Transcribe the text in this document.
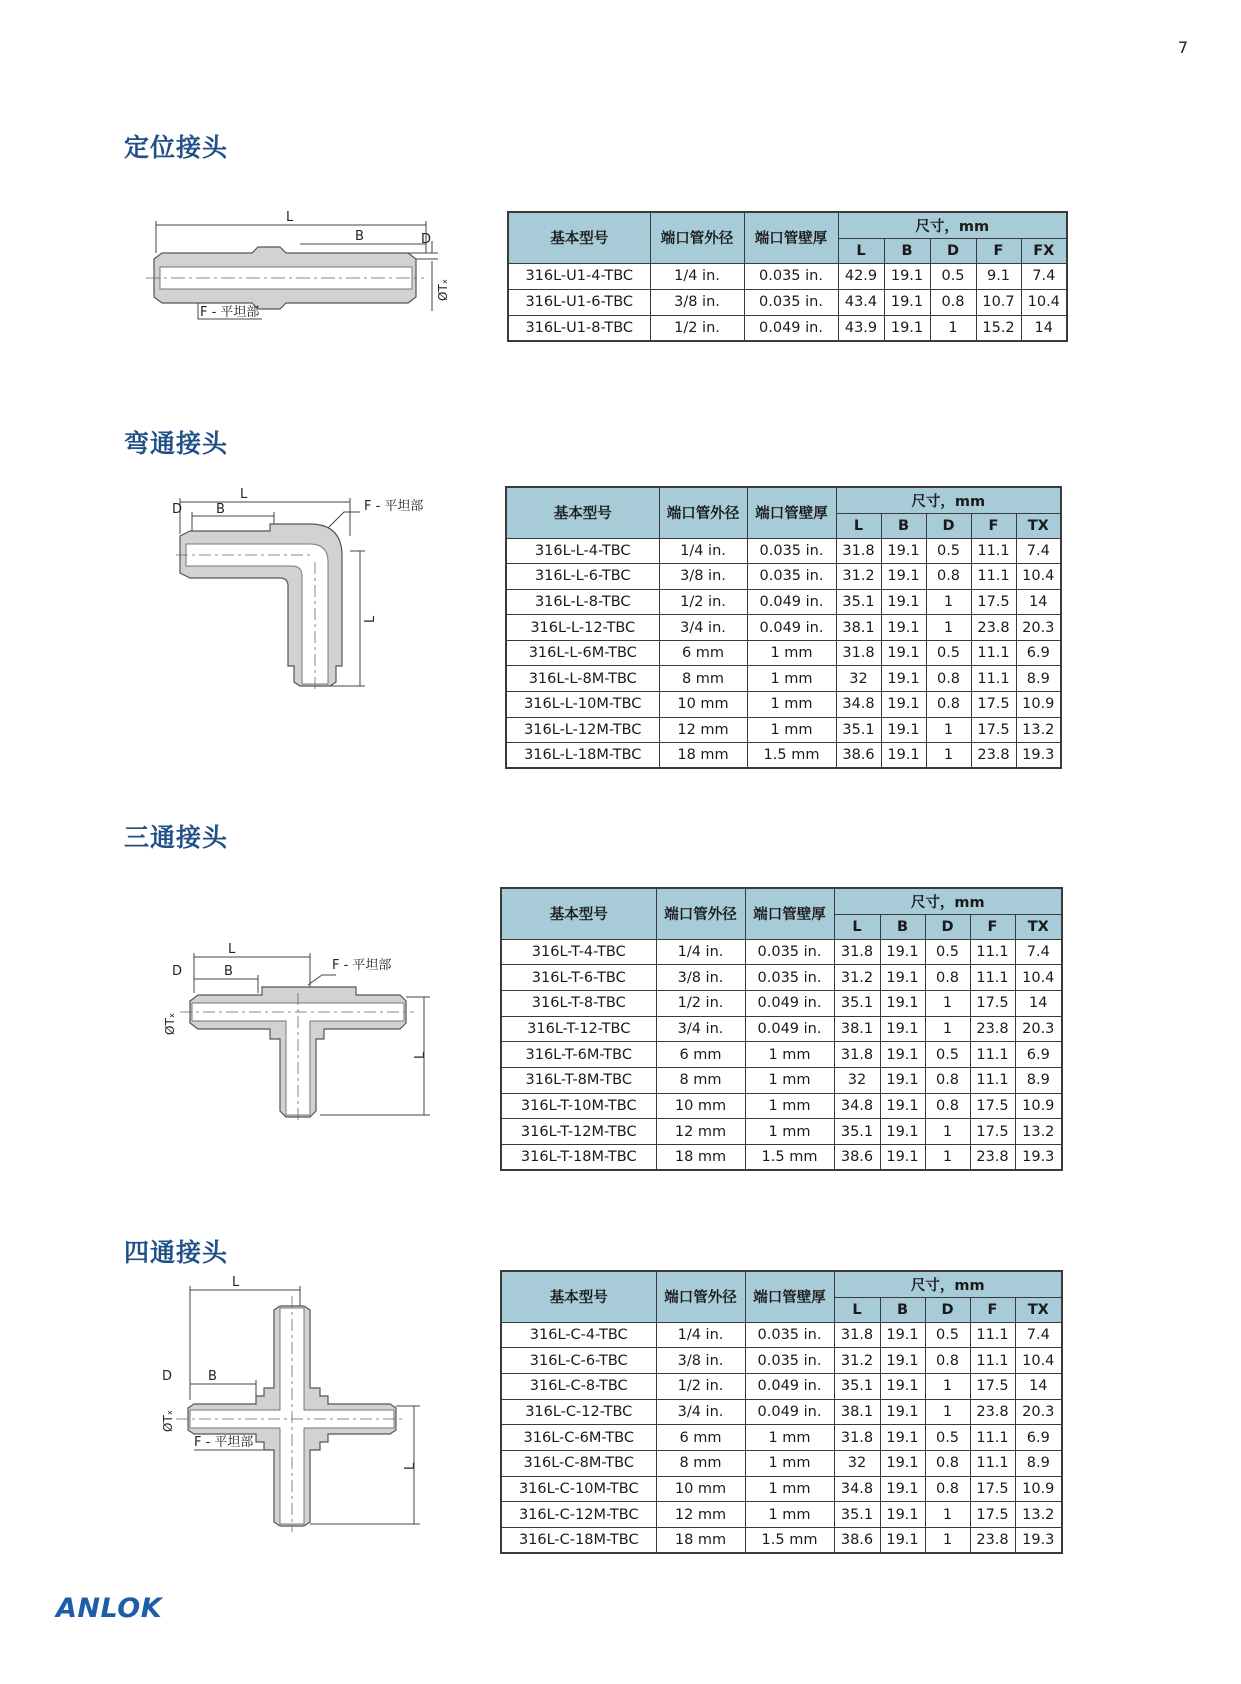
7
定位接头
L
B	D
ØTₓ
F - 平坦部
基本型号	端口管外径	端口管壁厚	尺寸，mm				
			L	B	D	F	FX
316L-U1-4-TBC	1/4 in.	0.035 in.	42.9	19.1	0.5	9.1	7.4
316L-U1-6-TBC	3/8 in.	0.035 in.	43.4	19.1	0.8	10.7	10.4
316L-U1-8-TBC	1/2 in.	0.049 in.	43.9	19.1	1	15.2	14
弯通接头
L
D	B	F - 平坦部
L
基本型号	端口管外径	端口管壁厚	尺寸，mm				
			L	B	D	F	TX
316L-L-4-TBC	1/4 in.	0.035 in.	31.8	19.1	0.5	11.1	7.4
316L-L-6-TBC	3/8 in.	0.035 in.	31.2	19.1	0.8	11.1	10.4
316L-L-8-TBC	1/2 in.	0.049 in.	35.1	19.1	1	17.5	14
316L-L-12-TBC	3/4 in.	0.049 in.	38.1	19.1	1	23.8	20.3
316L-L-6M-TBC	6 mm	1 mm	31.8	19.1	0.5	11.1	6.9
316L-L-8M-TBC	8 mm	1 mm	32	19.1	0.8	11.1	8.9
316L-L-10M-TBC	10 mm	1 mm	34.8	19.1	0.8	17.5	10.9
316L-L-12M-TBC	12 mm	1 mm	35.1	19.1	1	17.5	13.2
316L-L-18M-TBC	18 mm	1.5 mm	38.6	19.1	1	23.8	19.3
三通接头
L
D	B	F - 平坦部
ØTₓ
L
基本型号	端口管外径	端口管壁厚	尺寸，mm				
			L	B	D	F	TX
316L-T-4-TBC	1/4 in.	0.035 in.	31.8	19.1	0.5	11.1	7.4
316L-T-6-TBC	3/8 in.	0.035 in.	31.2	19.1	0.8	11.1	10.4
316L-T-8-TBC	1/2 in.	0.049 in.	35.1	19.1	1	17.5	14
316L-T-12-TBC	3/4 in.	0.049 in.	38.1	19.1	1	23.8	20.3
316L-T-6M-TBC	6 mm	1 mm	31.8	19.1	0.5	11.1	6.9
316L-T-8M-TBC	8 mm	1 mm	32	19.1	0.8	11.1	8.9
316L-T-10M-TBC	10 mm	1 mm	34.8	19.1	0.8	17.5	10.9
316L-T-12M-TBC	12 mm	1 mm	35.1	19.1	1	17.5	13.2
316L-T-18M-TBC	18 mm	1.5 mm	38.6	19.1	1	23.8	19.3
四通接头
L
D	B
ØTₓ
F - 平坦部
L
基本型号	端口管外径	端口管壁厚	尺寸，mm				
			L	B	D	F	TX
316L-C-4-TBC	1/4 in.	0.035 in.	31.8	19.1	0.5	11.1	7.4
316L-C-6-TBC	3/8 in.	0.035 in.	31.2	19.1	0.8	11.1	10.4
316L-C-8-TBC	1/2 in.	0.049 in.	35.1	19.1	1	17.5	14
316L-C-12-TBC	3/4 in.	0.049 in.	38.1	19.1	1	23.8	20.3
316L-C-6M-TBC	6 mm	1 mm	31.8	19.1	0.5	11.1	6.9
316L-C-8M-TBC	8 mm	1 mm	32	19.1	0.8	11.1	8.9
316L-C-10M-TBC	10 mm	1 mm	34.8	19.1	0.8	17.5	10.9
316L-C-12M-TBC	12 mm	1 mm	35.1	19.1	1	17.5	13.2
316L-C-18M-TBC	18 mm	1.5 mm	38.6	19.1	1	23.8	19.3
ANLOK
